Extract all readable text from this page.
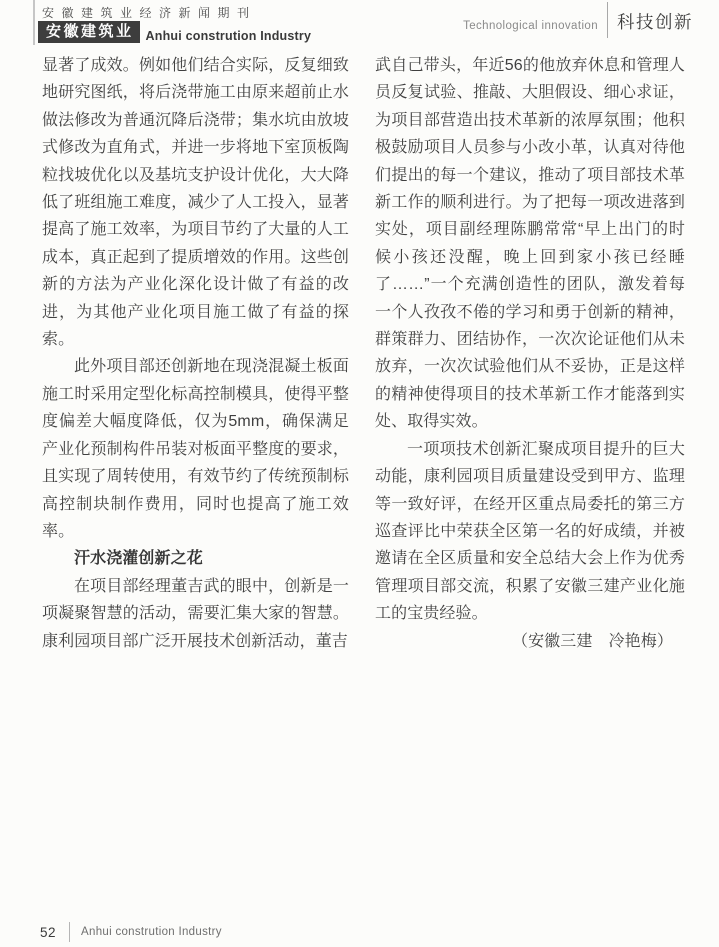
安徽建筑业经济新闻期刊
安徽建筑业 Anhui constrution Industry
Technological innovation 科技创新

显著了成效。例如他们结合实际，反复细致地研究图纸，将后浇带施工由原来超前止水做法修改为普通沉降后浇带；集水坑由放坡式修改为直角式，并进一步将地下室顶板陶粒找坡优化以及基坑支护设计优化，大大降低了班组施工难度，减少了人工投入，显著提高了施工效率，为项目节约了大量的人工成本，真正起到了提质增效的作用。这些创新的方法为产业化深化设计做了有益的改进，为其他产业化项目施工做了有益的探索。

此外项目部还创新地在现浇混凝土板面施工时采用定型化标高控制模具，使得平整度偏差大幅度降低，仅为5mm，确保满足产业化预制构件吊装对板面平整度的要求，且实现了周转使用，有效节约了传统预制标高控制块制作费用，同时也提高了施工效率。

汗水浇灌创新之花

在项目部经理董吉武的眼中，创新是一项凝聚智慧的活动，需要汇集大家的智慧。康利园项目部广泛开展技术创新活动，董吉

武自己带头，年近56的他放弃休息和管理人员反复试验、推敲、大胆假设、细心求证，为项目部营造出技术革新的浓厚氛围；他积极鼓励项目人员参与小改小革，认真对待他们提出的每一个建议，推动了项目部技术革新工作的顺利进行。为了把每一项改进落到实处，项目副经理陈鹏常常“早上出门的时候小孩还没醒，晚上回到家小孩已经睡了……”一个充满创造性的团队，激发着每一个人孜孜不倦的学习和勇于创新的精神，群策群力、团结协作，一次次论证他们从未放弃，一次次试验他们从不妥协，正是这样的精神使得项目的技术革新工作才能落到实处、取得实效。

一项项技术创新汇聚成项目提升的巨大动能，康利园项目质量建设受到甲方、监理等一致好评，在经开区重点局委托的第三方巡查评比中荣获全区第一名的好成绩，并被邀请在全区质量和安全总结大会上作为优秀管理项目部交流，积累了安徽三建产业化施工的宝贵经验。

（安徽三建　冷艳梅）

52 Anhui constrution Industry
